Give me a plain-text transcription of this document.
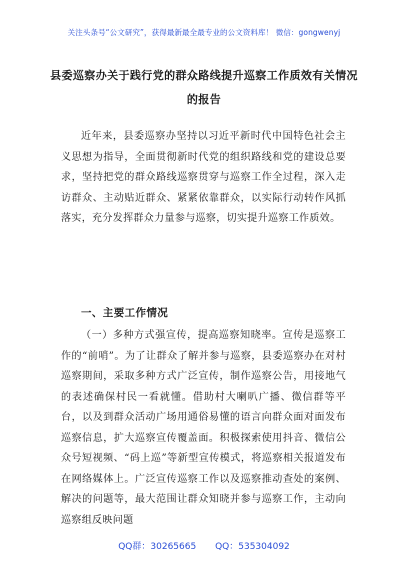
关注头条号“公文研究”，获得最新最全最专业的公文资料库！ 微信：gongwenyj
县委巡察办关于践行党的群众路线提升巡察工作质效有关情况的报告

近年来，县委巡察办坚持以习近平新时代中国特色社会主义思想为指导，全面贯彻新时代党的组织路线和党的建设总要求，坚持把党的群众路线巡察贯穿与巡察工作全过程，深入走访群众、主动贴近群众、紧紧依靠群众，以实际行动转作风抓落实，充分发挥群众力量参与巡察，切实提升巡察工作质效。

一、主要工作情况

（一）多种方式强宣传，提高巡察知晓率。宣传是巡察工作的“前哨”。为了让群众了解并参与巡察，县委巡察办在对村巡察期间，采取多种方式广泛宣传，制作巡察公告，用接地气的表述确保村民一看就懂。借助村大喇叭广播、微信群等平台，以及到群众活动广场用通俗易懂的语言向群众面对面发布巡察信息，扩大巡察宣传覆盖面。积极探索使用抖音、微信公众号短视频、“码上巡”等新型宣传模式，将巡察相关报道发布在网络媒体上。广泛宣传巡察工作以及巡察推动查处的案例、解决的问题等，最大范围让群众知晓并参与巡察工作，主动向巡察组反映问题

QQ群：30265665 QQ：535304092
